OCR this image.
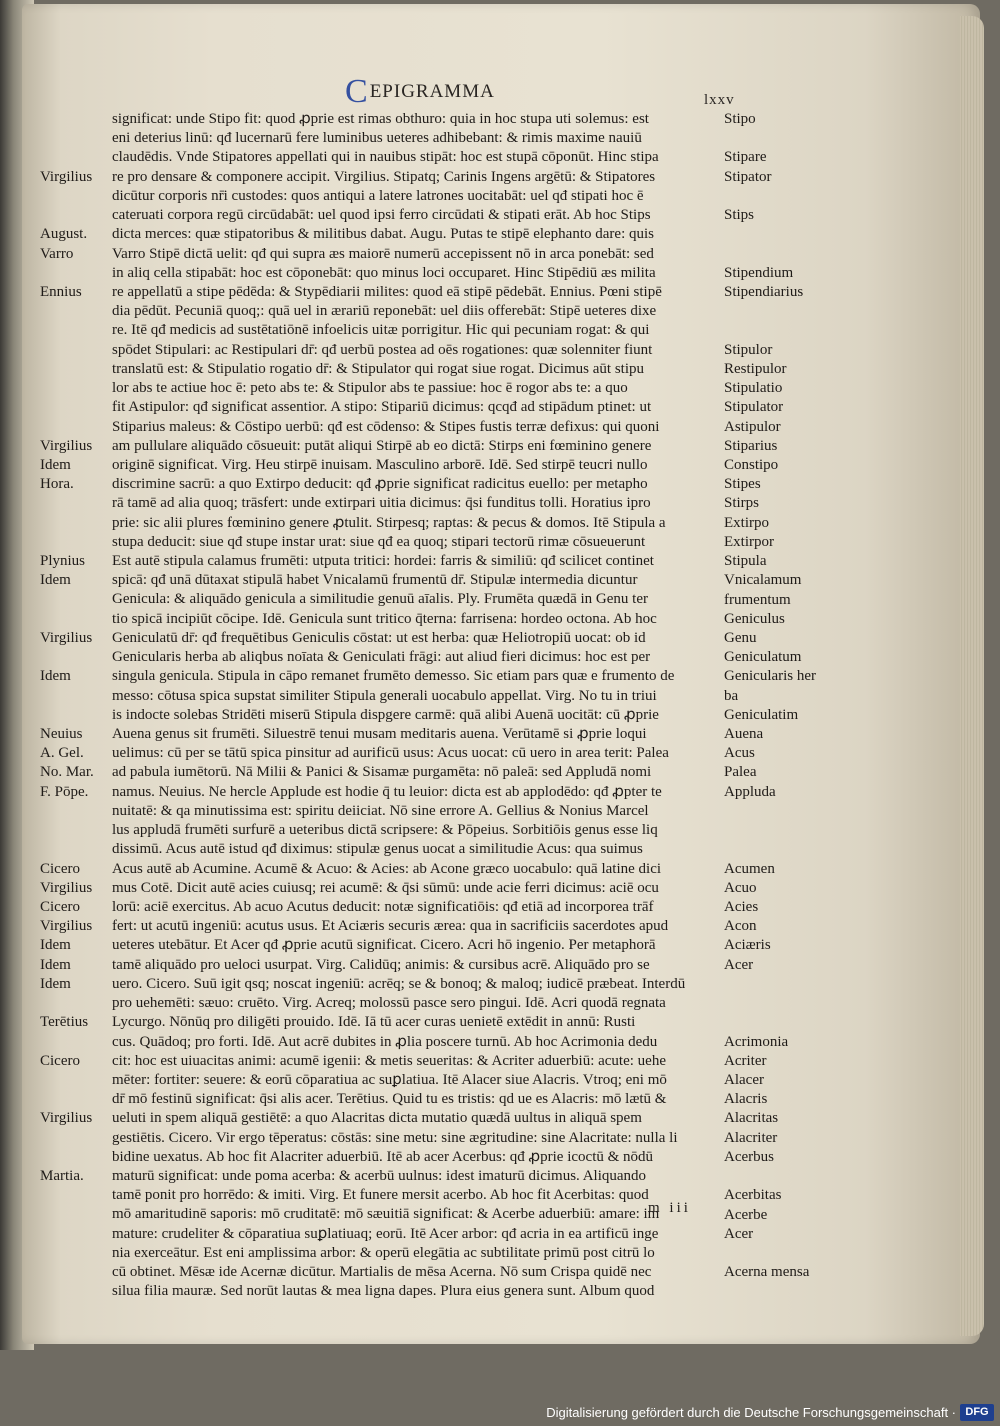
C EPIGRAMMA	lxxv
Virgilius
August.
Varro
Ennius
Virgilius
Idem
Hora.
Plynius
Idem
Virgilius
Idem
Neuius
A. Gel.
No. Mar.
F. Pōpe.
Cicero
Virgilius
Cicero
Virgilius
Idem
Idem
Idem
Terētius
Cicero
Virgilius
Martia.
significat: unde Stipo fit: quod ꝓprie est rimas obthuro: quia in hoc stupa uti solemus: est
eni deterius linū: qđ lucernarū fere luminibus ueteres adhibebant: & rimis maxime nauiū
claudēdis. Vnde Stipatores appellati qui in nauibus stipāt: hoc est stupā cōponūt. Hinc stipa
re pro densare & componere accipit. Virgilius. Stipatq; Carinis Ingens argētū: & Stipatores
dicūtur corporis nr̄i custodes: quos antiqui a latere latrones uocitabāt: uel qđ stipati hoc ē
cateruati corpora regū circūdabāt: uel quod ipsi ferro circūdati & stipati erāt. Ab hoc Stips
dicta merces: quæ stipatoribus & militibus dabat. Augu. Putas te stipē elephanto dare: quis
Varro Stipē dictā uelit: qđ qui supra æs maiorē numerū accepissent nō in arca ponebāt: sed
in aliq cella stipabāt: hoc est cōponebāt: quo minus loci occuparet. Hinc Stipēdiū æs milita
re appellatū a stipe pēdēda: & Stypēdiarii milites: quod eā stipē pēdebāt. Ennius. Pœni stipē
dia pēdūt. Pecuniā quoq;: quā uel in ærariū reponebāt: uel diis offerebāt: Stipē ueteres dixe
re. Itē qđ medicis ad sustētatiōnē infoelicis uitæ porrigitur. Hic qui pecuniam rogat: & qui
spōdet Stipulari: ac Restipulari dr̄: qđ uerbū postea ad oēs rogationes: quæ solenniter fiunt
translatū est: & Stipulatio rogatio dr̄: & Stipulator qui rogat siue rogat. Dicimus aūt stipu
lor abs te actiue hoc ē: peto abs te: & Stipulor abs te passiue: hoc ē rogor abs te: a quo
fit Astipulor: qđ significat assentior. A stipo: Stipariū dicimus: qcqđ ad stipādum ptinet: ut
Stiparius maleus: & Cōstipo uerbū: qđ est cōdenso: & Stipes fustis terræ defixus: qui quoni
am pullulare aliquādo cōsueuit: putāt aliqui Stirpē ab eo dictā: Stirps eni fœminino genere
originē significat. Virg. Heu stirpē inuisam. Masculino arborē. Idē. Sed stirpē teucri nullo
discrimine sacrū: a quo Extirpo deducit: qđ ꝓprie significat radicitus euello: per metapho
rā tamē ad alia quoq; trāsfert: unde extirpari uitia dicimus: q̄si funditus tolli. Horatius ipro
prie: sic alii plures fœminino genere ꝓtulit. Stirpesq; raptas: & pecus & domos. Itē Stipula a
stupa deducit: siue qđ stupe instar urat: siue qđ ea quoq; stipari tectorū rimæ cōsueuerunt
Est autē stipula calamus frumēti: utputa tritici: hordei: farris & similiū: qđ scilicet continet
spicā: qđ unā dūtaxat stipulā habet Vnicalamū frumentū dr̄. Stipulæ intermedia dicuntur
Genicula: & aliquādo genicula a similitudie genuū aīalis. Ply. Frumēta quædā in Genu ter
tio spicā incipiūt cōcipe. Idē. Genicula sunt tritico q̄terna: farrisena: hordeo octona. Ab hoc
Geniculatū dr̄: qđ frequētibus Geniculis cōstat: ut est herba: quæ Heliotropiū uocat: ob id
Genicularis herba ab aliqbus noīata & Geniculati frāgi: aut aliud fieri dicimus: hoc est per
singula genicula. Stipula in cāpo remanet frumēto demesso. Sic etiam pars quæ e frumento de
messo: cōtusa spica supstat similiter Stipula generali uocabulo appellat. Virg. No tu in triui
is indocte solebas Stridēti miserū Stipula dispgere carmē: quā alibi Auenā uocitāt: cū ꝓprie
Auena genus sit frumēti. Siluestrē tenui musam meditaris auena. Verūtamē si ꝓprie loqui
uelimus: cū per se tātū spica pinsitur ad aurificū usus: Acus uocat: cū uero in area terit: Palea
ad pabula iumētorū. Nā Milii & Panici & Sisamæ purgamēta: nō paleā: sed Appludā nomi
namus. Neuius. Ne hercle Applude est hodie q̄ tu leuior: dicta est ab applodēdo: qđ ꝓpter te
nuitatē: & qa minutissima est: spiritu deiiciat. Nō sine errore A. Gellius & Nonius Marcel
lus appludā frumēti surfurē a ueteribus dictā scripsere: & Pōpeius. Sorbitiōis genus esse liq
dissimū. Acus autē istud qđ diximus: stipulæ genus uocat a similitudie Acus: qua suimus
Acus autē ab Acumine. Acumē & Acuo: & Acies: ab Acone græco uocabulo: quā latine dici
mus Cotē. Dicit autē acies cuiusq; rei acumē: & q̄si sūmū: unde acie ferri dicimus: aciē ocu
lorū: aciē exercitus. Ab acuo Acutus deducit: notæ significatiōis: qđ etiā ad incorporea trāf
fert: ut acutū ingeniū: acutus usus. Et Aciæris securis ærea: qua in sacrificiis sacerdotes apud
ueteres utebātur. Et Acer qđ ꝓprie acutū significat. Cicero. Acri hō ingenio. Per metaphorā
tamē aliquādo pro ueloci usurpat. Virg. Calidūq; animis: & cursibus acrē. Aliquādo pro se
uero. Cicero. Suū igit qsq; noscat ingeniū: acrēq; se & bonoq; & maloq; iudicē præbeat. Interdū
pro uehemēti: sæuo: cruēto. Virg. Acreq; molossū pasce sero pingui. Idē. Acri quodā regnata
Lycurgo. Nōnūq pro diligēti prouido. Idē. Iā tū acer curas uenietē extēdit in annū: Rusti
cus. Quādoq; pro forti. Idē. Aut acrē dubites in ꝓlia poscere turnū. Ab hoc Acrimonia dedu
cit: hoc est uiuacitas animi: acumē igenii: & metis seueritas: & Acriter aduerbiū: acute: uehe
mēter: fortiter: seuere: & eorū cōparatiua ac suꝑlatiua. Itē Alacer siue Alacris. Vtroq; eni mō
dr̄ mō festinū significat: q̄si alis acer. Terētius. Quid tu es tristis: qd ue es Alacris: mō lætū &
ueluti in spem aliquā gestiētē: a quo Alacritas dicta mutatio quædā uultus in aliquā spem
gestiētis. Cicero. Vir ergo tēperatus: cōstās: sine metu: sine ægritudine: sine Alacritate: nulla li
bidine uexatus. Ab hoc fit Alacriter aduerbiū. Itē ab acer Acerbus: qđ ꝓprie icoctū & nōdū
maturū significat: unde poma acerba: & acerbū uulnus: idest imaturū dicimus. Aliquando
tamē ponit pro horrēdo: & imiti. Virg. Et funere mersit acerbo. Ab hoc fit Acerbitas: quod
mō amaritudinē saporis: mō cruditatē: mō sæuitiā significat: & Acerbe aduerbiū: amare: im
mature: crudeliter & cōparatiua suꝑlatiuaq; eorū. Itē Acer arbor: qđ acria in ea artificū inge
nia exerceātur. Est eni amplissima arbor: & operū elegātia ac subtilitate primū post citrū lo
cū obtinet. Mēsæ ide Acernæ dicūtur. Martialis de mēsa Acerna. Nō sum Crispa quidē nec
silua filia mauræ. Sed norūt lautas & mea ligna dapes. Plura eius genera sunt. Album quod
Stipo
Stipare
Stipator
Stips
Stipendium
Stipendiarius
Stipulor
Restipulor
Stipulatio
Stipulator
Astipulor
Stiparius
Constipo
Stipes
Stirps
Extirpo
Extirpor
Stipula
Vnicalamum
frumentum
Geniculus
Genu
Geniculatum
Genicularis her
ba
Geniculatim
Auena
Acus
Palea
Appluda
Acumen
Acuo
Acies
Acon
Aciæris
Acer
Acrimonia
Acriter
Alacer
Alacris
Alacritas
Alacriter
Acerbus
Acerbitas
Acerbe
Acer
Acerna mensa
m iii
Digitalisierung gefördert durch die Deutsche Forschungsgemeinschaft · DFG
